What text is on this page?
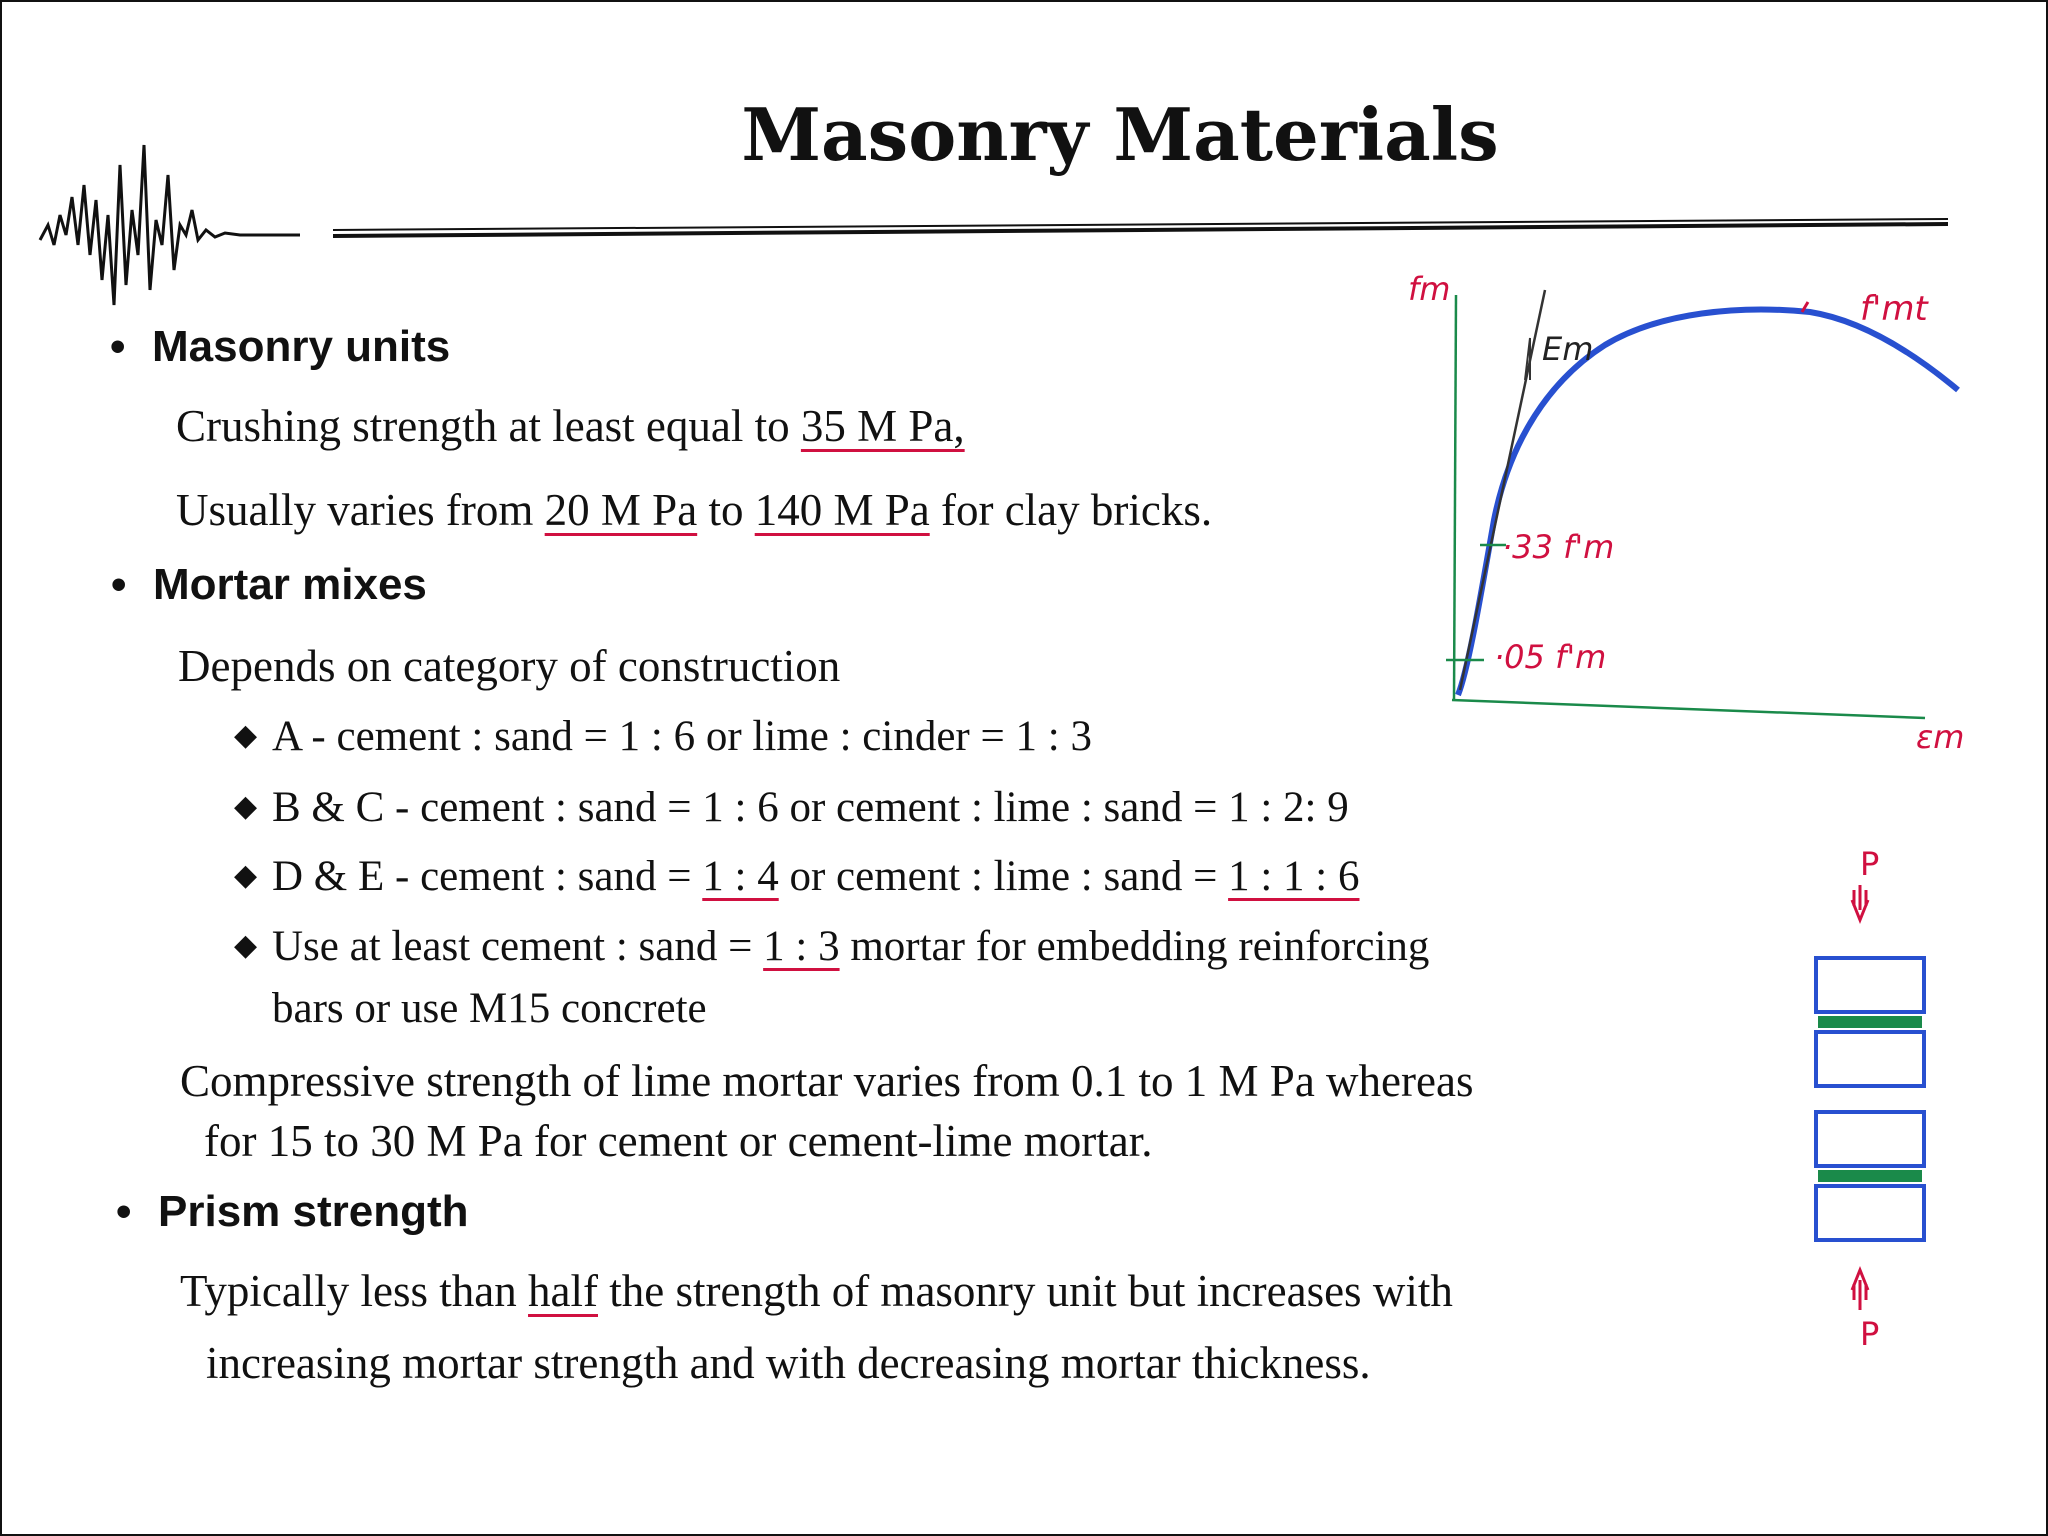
Masonry Materials
• Masonry units
Crushing strength at least equal to 35 M Pa,
Usually varies from 20 M Pa to 140 M Pa for clay bricks.
• Mortar mixes
Depends on category of construction
◆ A - cement : sand = 1 : 6 or lime : cinder = 1 : 3
◆ B & C - cement : sand = 1 : 6 or cement : lime : sand = 1 : 2: 9
◆ D & E - cement : sand = 1 : 4 or cement : lime : sand = 1 : 1 : 6
◆ Use at least cement : sand = 1 : 3 mortar for embedding reinforcing
bars or use M15 concrete
Compressive strength of lime mortar varies from 0.1 to 1 M Pa whereas
for 15 to 30 M Pa for cement or cement-lime mortar.
• Prism strength
Typically less than half the strength of masonry unit but increases with
increasing mortar strength and with decreasing mortar thickness.
fm
Em
f'mt
·33 f'm
·05 f'm
εm
P
P
